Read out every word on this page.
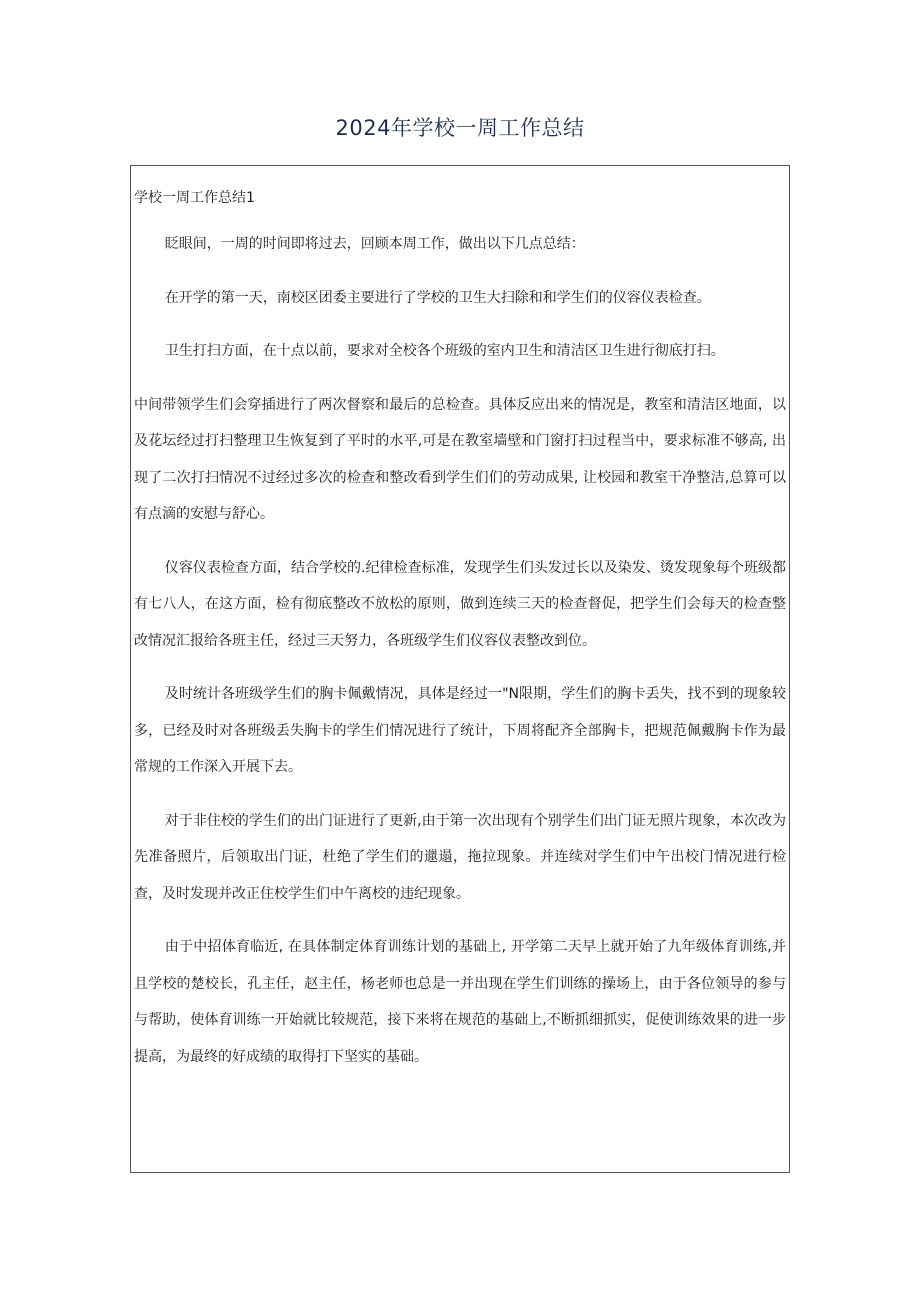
2024年学校一周工作总结
学校一周工作总结1

眨眼间，一周的时间即将过去，回顾本周工作，做出以下几点总结：

在开学的第一天，南校区团委主要进行了学校的卫生大扫除和和学生们的仪容仪表检查。

卫生打扫方面，在十点以前，要求对全校各个班级的室内卫生和清洁区卫生进行彻底打扫。

中间带领学生们会穿插进行了两次督察和最后的总检查。具体反应出来的情况是，教室和清洁区地面，以及花坛经过打扫整理卫生恢复到了平时的水平,可是在教室墙壁和门窗打扫过程当中，要求标准不够高, 出现了二次打扫情况不过经过多次的检查和整改看到学生们们的劳动成果, 让校园和教室干净整洁,总算可以有点滴的安慰与舒心。

仪容仪表检查方面，结合学校的.纪律检查标准，发现学生们头发过长以及染发、烫发现象每个班级都有七八人，在这方面，检有彻底整改不放松的原则，做到连续三天的检查督促，把学生们会每天的检查整改情况汇报给各班主任，经过三天努力，各班级学生们仪容仪表整改到位。

及时统计各班级学生们的胸卡佩戴情况，具体是经过一"N限期，学生们的胸卡丢失，找不到的现象较多，已经及时对各班级丢失胸卡的学生们情况进行了统计，下周将配齐全部胸卡，把规范佩戴胸卡作为最常规的工作深入开展下去。

对于非住校的学生们的出门证进行了更新,由于第一次出现有个别学生们出门证无照片现象，本次改为先准备照片，后领取出门证，杜绝了学生们的邋遢，拖拉现象。并连续对学生们中午出校门情况进行检查，及时发现并改正住校学生们中午离校的违纪现象。

由于中招体育临近, 在具体制定体育训练计划的基础上, 开学第二天早上就开始了九年级体育训练,并且学校的楚校长，孔主任，赵主任，杨老师也总是一并出现在学生们训练的操场上，由于各位领导的参与与帮助，使体育训练一开始就比较规范，接下来将在规范的基础上,不断抓细抓实，促使训练效果的进一步提高，为最终的好成绩的取得打下坚实的基础。
